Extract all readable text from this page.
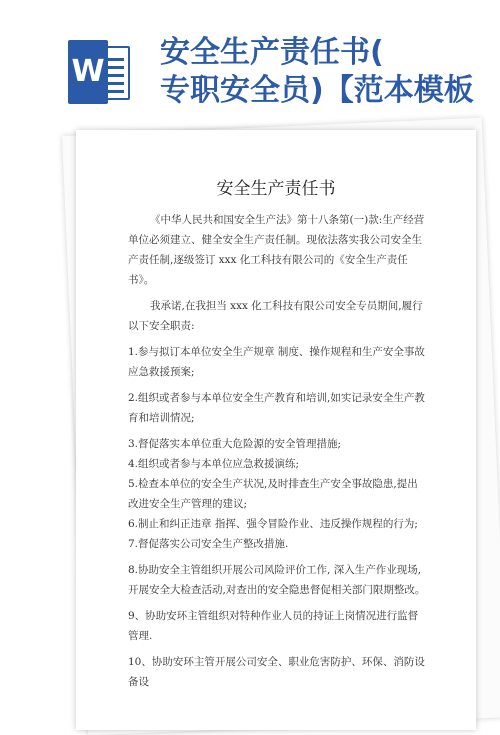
W
安全生产责任书(
专职安全员)【范本模板
安全生产责任书

《中华人民共和国安全生产法》第十八条第(一)款:生产经营单位必须建立、健全安全生产责任制。现依法落实我公司安全生产责任制,逐级签订 xxx 化工科技有限公司的《安全生产责任书》。

我承诺,在我担当 xxx 化工科技有限公司安全专员期间,履行以下安全职责:

1.参与拟订本单位安全生产规章 制度、操作规程和生产安全事故应急救援预案;

2.组织或者参与本单位安全生产教育和培训,如实记录安全生产教育和培训情况;

3.督促落实本单位重大危险源的安全管理措施;

4.组织或者参与本单位应急救援演练;

5.检查本单位的安全生产状况,及时排查生产安全事故隐患,提出改进安全生产管理的建议;

6.制止和纠正违章 指挥、强令冒险作业、违反操作规程的行为;

7.督促落实公司安全生产整改措施.

8.协助安全主管组织开展公司风险评价工作, 深入生产作业现场,开展安全大检查活动,对查出的安全隐患督促相关部门限期整改。

9、协助安环主管组织对特种作业人员的持证上岗情况进行监督管理.

10、协助安环主管开展公司安全、职业危害防护、环保、消防设备设
